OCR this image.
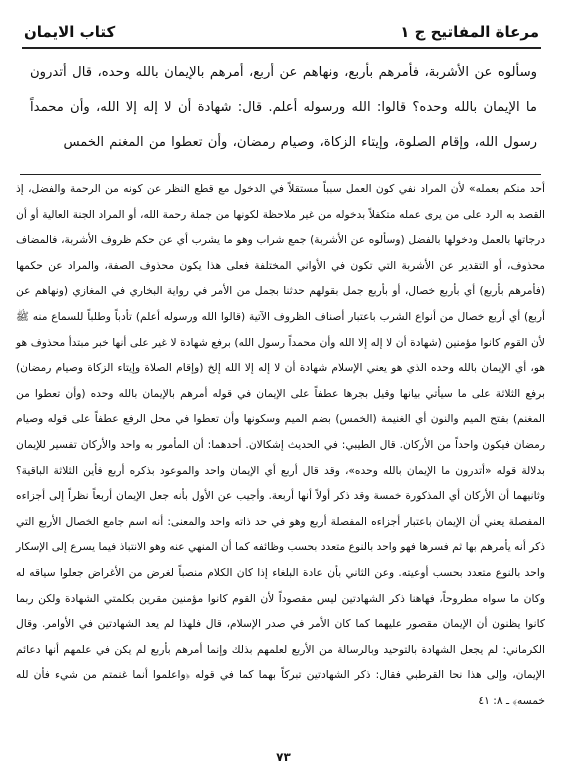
مرعاة المفاتيح ج ١
كتاب الايمان
وسألوه عن الأشربة، فأمرهم بأربع، ونهاهم عن أربع، أمرهم بالإيمان بالله وحده، قال أتدرون ما الإيمان بالله وحده؟ قالوا: الله ورسوله أعلم. قال: شهادة أن لا إله إلا الله، وأن محمداً رسول الله، وإقام الصلوة، وإيتاء الزكاة، وصيام رمضان، وأن تعطوا من المغنم الخمس
أحد منكم بعمله» لأن المراد نفي كون العمل سبباً مستقلاً في الدخول مع قطع النظر عن كونه من الرحمة والفضل، إذ القصد به الرد على من يرى عمله متكفلاً بدخوله من غير ملاحظة لكونها من جملة رحمة الله، أو المراد الجنة العالية أو أن درجاتها بالعمل ودخولها بالفضل (وسألوه عن الأشربة) جمع شراب وهو ما يشرب أي عن حكم ظروف الأشربة، فالمضاف محذوف، أو التقدير عن الأشربة التي تكون في الأواني المختلفة فعلى هذا يكون محذوف الصفة، والمراد عن حكمها (فأمرهم بأربع) أي بأربع خصال، أو بأربع جمل بقولهم حدثنا بجمل من الأمر في رواية البخاري في المغازي (ونهاهم عن أربع) أي أربع خصال من أنواع الشرب باعتبار أصناف الظروف الآتية (قالوا الله ورسوله أعلم) تأدباً وطلباً للسماع منه ﷺ لأن القوم كانوا مؤمنين (شهادة أن لا إله إلا الله وأن محمداً رسول الله) برفع شهادة لا غير على أنها خبر مبتدأ محذوف هو هو، أي الإيمان بالله وحده الذي هو يعني الإسلام شهادة أن لا إله إلا الله إلخ (وإقام الصلاة وإيتاء الزكاة وصيام رمضان) برفع الثلاثة على ما سيأتي بيانها وقيل بجرها عطفاً على الإيمان في قوله أمرهم بالإيمان بالله وحده (وأن تعطوا من المغنم) بفتح الميم والنون أي الغنيمة (الخمس) بضم الميم وسكونها وأن تعطوا في محل الرفع عطفاً على قوله وصيام رمضان فيكون واحداً من الأركان. قال الطيبي: في الحديث إشكالان. أحدهما: أن المأمور به واحد والأركان تفسير للإيمان بدلالة قوله «أتدرون ما الإيمان بالله وحده»، وقد قال أربع أي الإيمان واحد والموعود بذكره أربع فأين الثلاثة الباقية؟ وثانيهما أن الأركان أي المذكورة خمسة وقد ذكر أولاً أنها أربعة. وأجيب عن الأول بأنه جعل الإيمان أربعاً نظراً إلى أجزاءه المفصلة يعني أن الإيمان باعتبار أجزاءه المفصلة أربع وهو في حد ذاته واحد والمعنى: أنه اسم جامع الخصال الأربع التي ذكر أنه يأمرهم بها ثم فسرها فهو واحد بالنوع متعدد بحسب وظائفه كما أن المنهي عنه وهو الانتباذ فيما يسرع إلى الإسكار واحد بالنوع متعدد بحسب أوعيته. وعن الثاني بأن عادة البلغاء إذا كان الكلام منصباً لغرض من الأغراض جعلوا سياقه له وكان ما سواه مطروحاً، فهاهنا ذكر الشهادتين ليس مقصوداً لأن القوم كانوا مؤمنين مقرين بكلمتي الشهادة ولكن ربما كانوا يظنون أن الإيمان مقصور عليهما كما كان الأمر في صدر الإسلام، قال فلهذا لم يعد الشهادتين في الأوامر. وقال الكرماني: لم يجعل الشهادة بالتوحيد وبالرسالة من الأربع لعلمهم بذلك وإنما أمرهم بأربع لم يكن في علمهم أنها دعائم الإيمان، وإلى هذا نحا القرطبي فقال: ذكر الشهادتين تبركاً بهما كما في قوله ﴿واعلموا أنما غنمتم من شيء فأن لله خمسه﴾ ـ ٨: ٤١
٧٣
